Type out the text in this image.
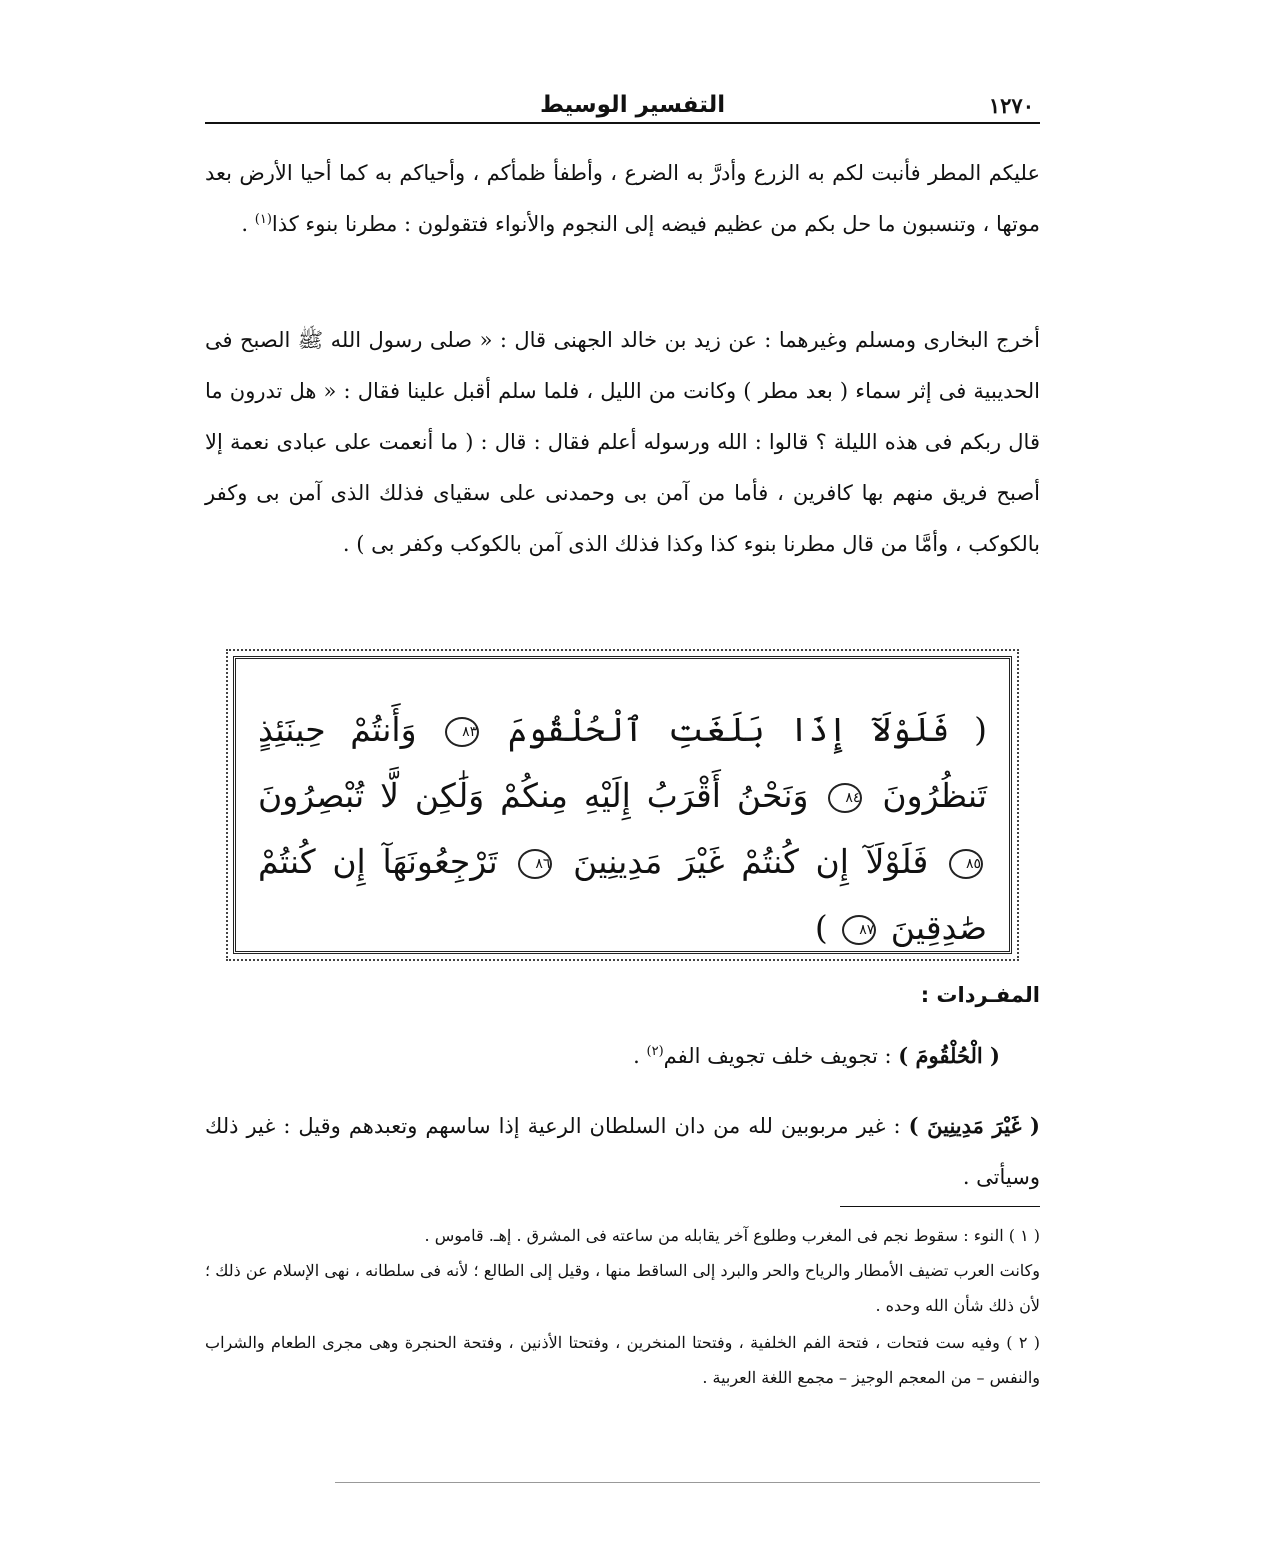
التفسير الوسيط	١٢٧٠
عليكم المطر فأنبت لكم به الزرع وأدرَّ به الضرع ، وأطفأ ظمأكم ، وأحياكم به كما أحيا الأرض بعد موتها ، وتنسبون ما حل بكم من عظيم فيضه إلى النجوم والأنواء فتقولون : مطرنا بنوء كذا$^{(١)}$ .
أخرج البخارى ومسلم وغيرهما : عن زيد بن خالد الجهنى قال : « صلى رسول الله ﷺ الصبح فى الحديبية فى إثر سماء ( بعد مطر ) وكانت من الليل ، فلما سلم أقبل علينا فقال : « هل تدرون ما قال ربكم فى هذه الليلة ؟ قالوا : الله ورسوله أعلم فقال : قال : ( ما أنعمت على عبادى نعمة إلا أصبح فريق منهم بها كافرين ، فأما من آمن بى وحمدنى على سقياى فذلك الذى آمن بى وكفر بالكوكب ، وأمَّا من قال مطرنا بنوء كذا وكذا فذلك الذى آمن بالكوكب وكفر بى ) .
( فَلَوْلَآ إِذَا بَلَغَتِ ٱلْحُلْقُومَ ٨٣ وَأَنتُمْ حِينَئِذٍ تَنظُرُونَ ٨٤ وَنَحْنُ أَقْرَبُ إِلَيْهِ مِنكُمْ وَلَٰكِن لَّا تُبْصِرُونَ ٨٥ فَلَوْلَآ إِن كُنتُمْ غَيْرَ مَدِينِينَ ٨٦ تَرْجِعُونَهَآ إِن كُنتُمْ صَٰدِقِينَ ٨٧ )
المفـردات :
( الْحُلْقُومَ ) : تجويف خلف تجويف الفم$^{(٢)}$ .
( غَيْرَ مَدِينِينَ ) : غير مربوبين لله من دان السلطان الرعية إذا ساسهم وتعبدهم وقيل : غير ذلك وسيأتى .

( ١ ) النوء : سقوط نجم فى المغرب وطلوع آخر يقابله من ساعته فى المشرق . إهـ. قاموس .

وكانت العرب تضيف الأمطار والرياح والحر والبرد إلى الساقط منها ، وقيل إلى الطالع ؛ لأنه فى سلطانه ، نهى الإسلام عن ذلك ؛ لأن ذلك شأن الله وحده .

( ٢ ) وفيه ست فتحات ، فتحة الفم الخلفية ، وفتحتا المنخرين ، وفتحتا الأذنين ، وفتحة الحنجرة وهى مجرى الطعام والشراب والنفس – من المعجم الوجيز – مجمع اللغة العربية .
